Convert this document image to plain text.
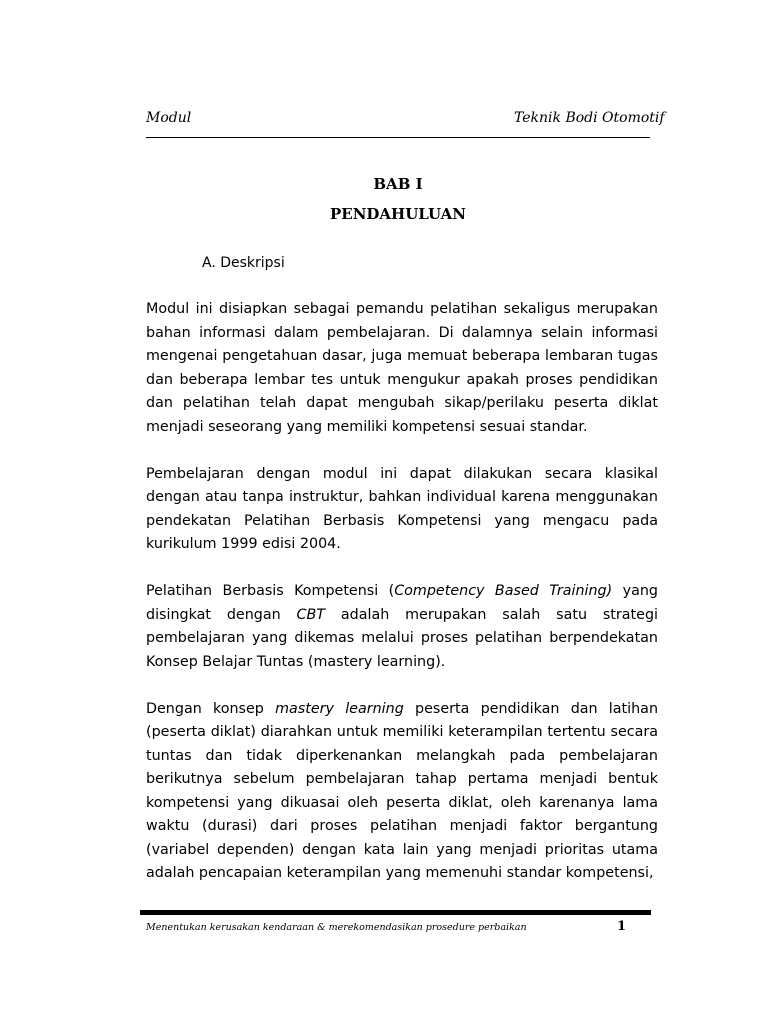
Modul	Teknik Bodi Otomotif
BAB I
PENDAHULUAN
A. Deskripsi

Modul ini disiapkan sebagai pemandu pelatihan sekaligus merupakan bahan informasi dalam pembelajaran. Di dalamnya selain informasi mengenai pengetahuan dasar, juga memuat beberapa lembaran tugas dan beberapa lembar tes untuk mengukur apakah proses pendidikan dan pelatihan telah dapat mengubah sikap/perilaku peserta diklat menjadi seseorang yang memiliki kompetensi sesuai standar.

Pembelajaran dengan modul ini dapat dilakukan secara klasikal dengan atau tanpa instruktur, bahkan individual karena menggunakan pendekatan Pelatihan Berbasis Kompetensi yang mengacu pada kurikulum 1999 edisi 2004.

Pelatihan Berbasis Kompetensi (Competency Based Training) yang disingkat dengan CBT adalah merupakan salah satu strategi pembelajaran yang dikemas melalui proses pelatihan berpendekatan Konsep Belajar Tuntas (mastery learning).

Dengan konsep mastery learning peserta pendidikan dan latihan (peserta diklat) diarahkan untuk memiliki keterampilan tertentu secara tuntas dan tidak diperkenankan melangkah pada pembelajaran berikutnya sebelum pembelajaran tahap pertama menjadi bentuk kompetensi yang dikuasai oleh peserta diklat, oleh karenanya lama waktu (durasi) dari proses pelatihan menjadi faktor bergantung (variabel dependen) dengan kata lain yang menjadi prioritas utama adalah pencapaian keterampilan yang memenuhi standar kompetensi,

Menentukan kerusakan kendaraan & merekomendasikan prosedure perbaikan	1
